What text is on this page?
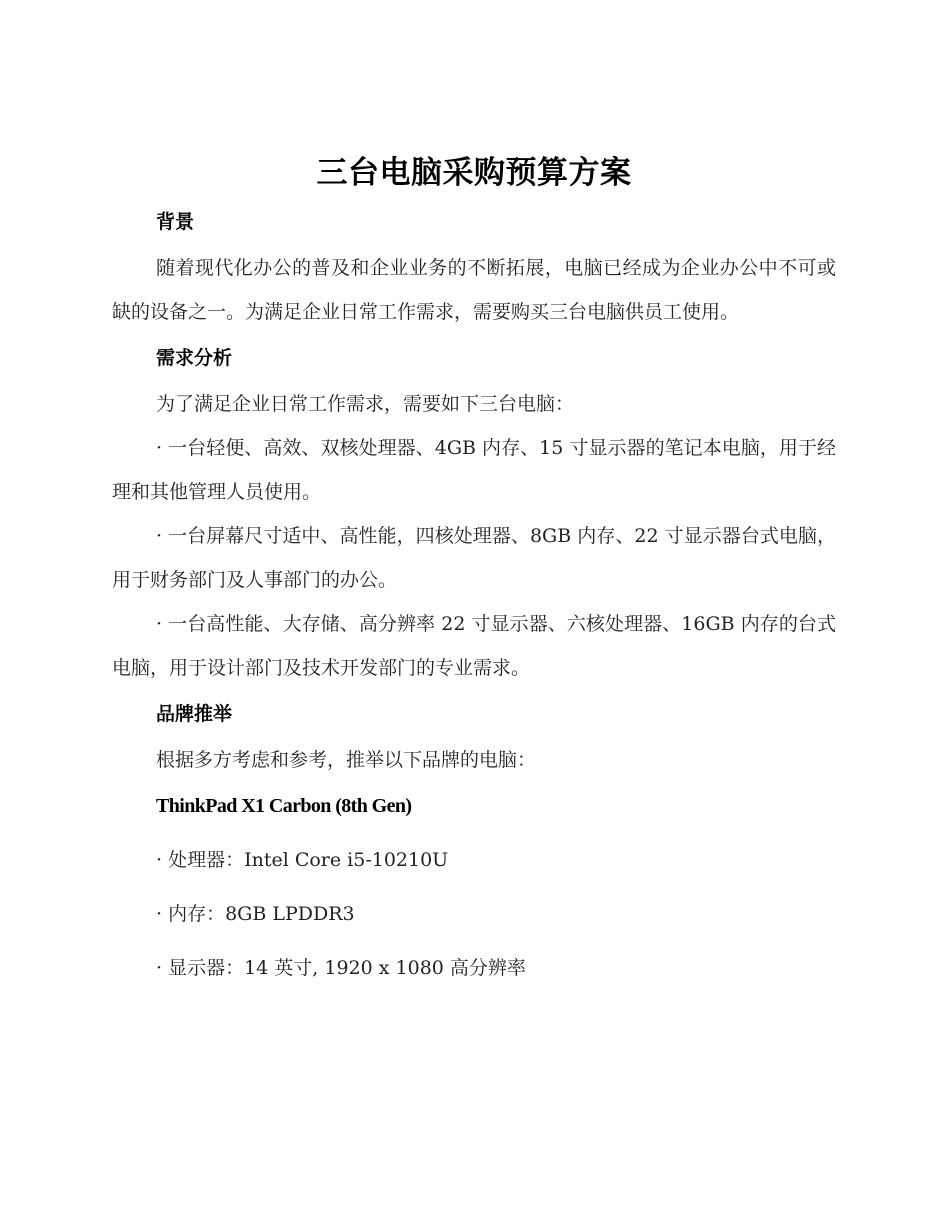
三台电脑采购预算方案
背景

随着现代化办公的普及和企业业务的不断拓展，电脑已经成为企业办公中不可或缺的设备之一。为满足企业日常工作需求，需要购买三台电脑供员工使用。

需求分析

为了满足企业日常工作需求，需要如下三台电脑：

· 一台轻便、高效、双核处理器、4GB 内存、15 寸显示器的笔记本电脑，用于经理和其他管理人员使用。

· 一台屏幕尺寸适中、高性能，四核处理器、8GB 内存、22 寸显示器台式电脑，用于财务部门及人事部门的办公。

· 一台高性能、大存储、高分辨率 22 寸显示器、六核处理器、16GB 内存的台式电脑，用于设计部门及技术开发部门的专业需求。

品牌推举

根据多方考虑和参考，推举以下品牌的电脑：

ThinkPad X1 Carbon (8th Gen)

· 处理器：Intel Core i5-10210U

· 内存：8GB LPDDR3

· 显示器：14 英寸, 1920 x 1080 高分辨率
